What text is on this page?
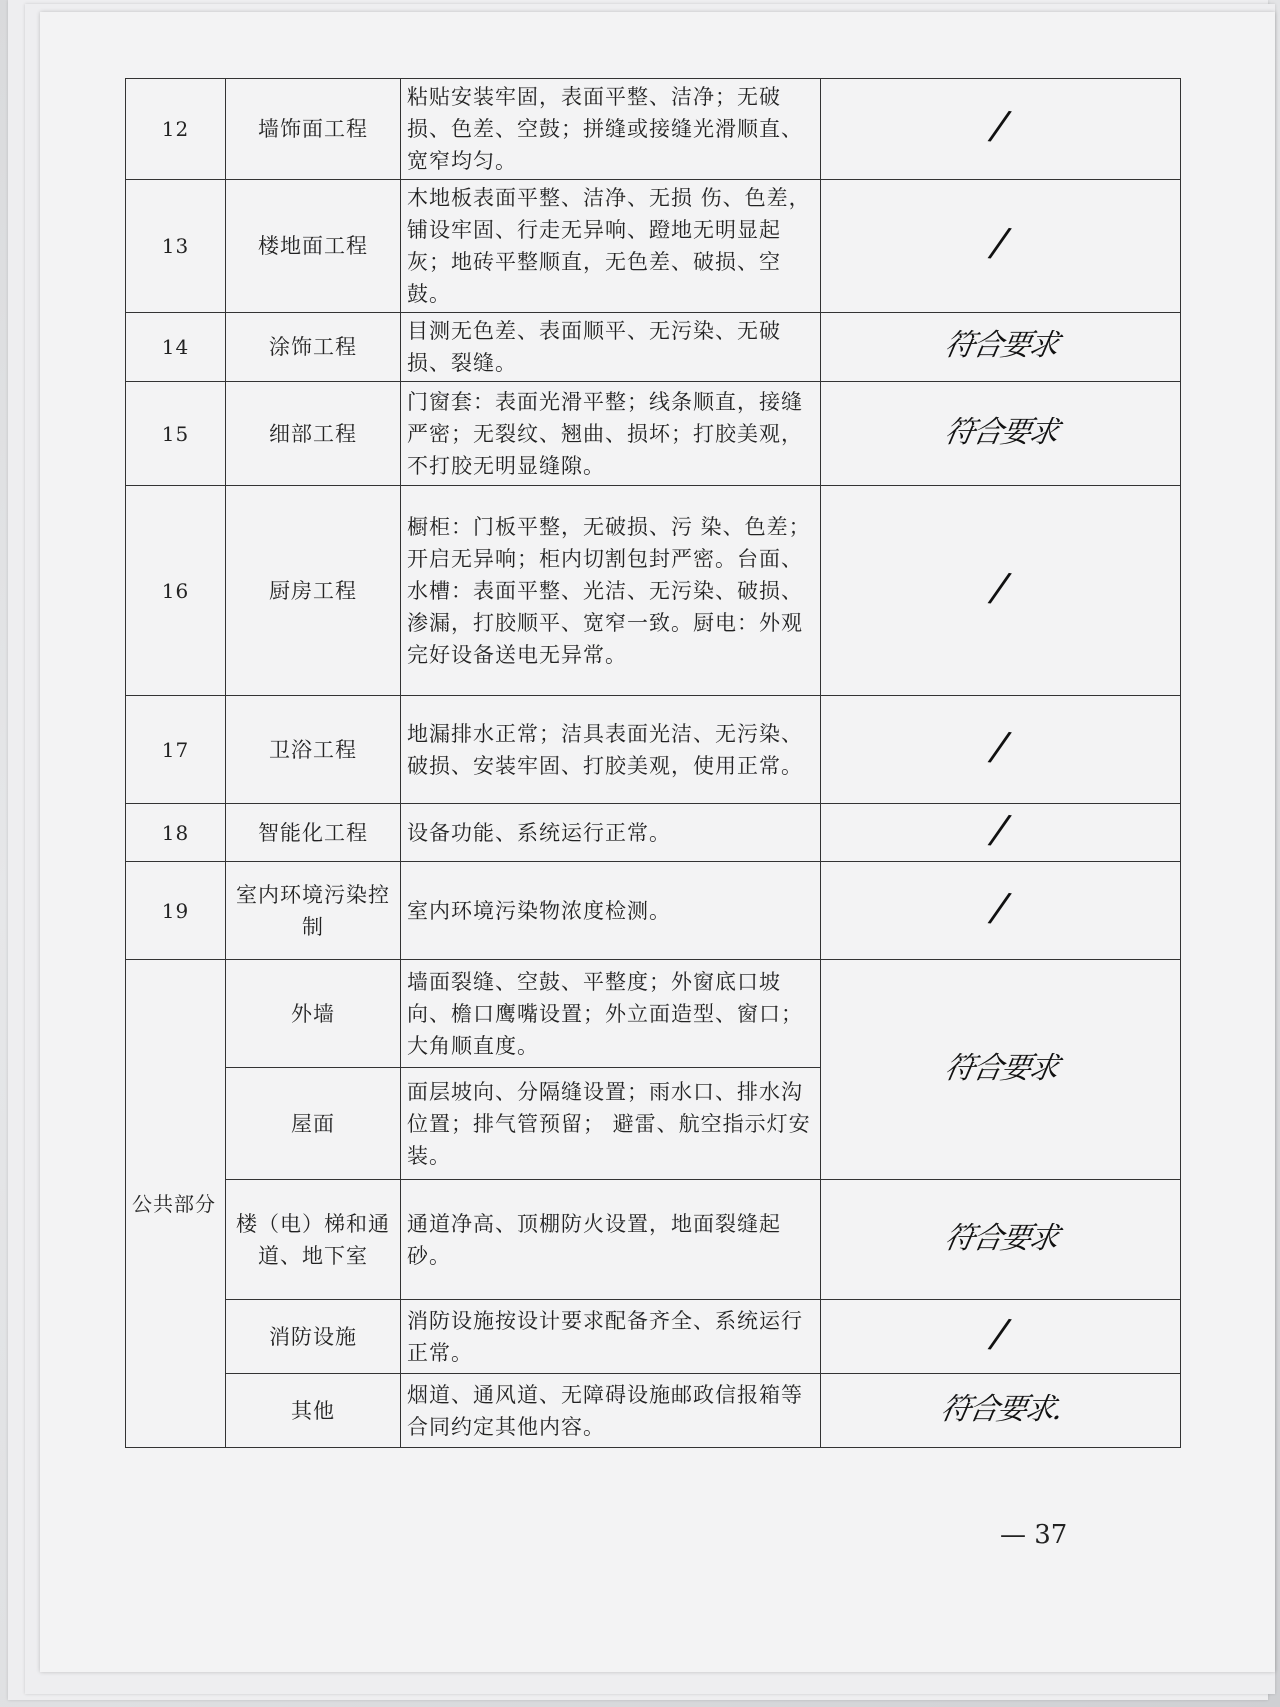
12	墙饰面工程	粘贴安装牢固，表面平整、洁净；无破损、色差、空鼓；拼缝或接缝光滑顺直、宽窄均匀。	/
13	楼地面工程	木地板表面平整、洁净、无损 伤、色差，铺设牢固、行走无异响、蹬地无明显起灰；地砖平整顺直，无色差、破损、空鼓。	/
14	涂饰工程	目测无色差、表面顺平、无污染、无破损、裂缝。	符合要求
15	细部工程	门窗套：表面光滑平整；线条顺直，接缝严密；无裂纹、翘曲、损坏；打胶美观，不打胶无明显缝隙。	符合要求
16	厨房工程	橱柜：门板平整，无破损、污 染、色差；开启无异响；柜内切割包封严密。台面、水槽：表面平整、光洁、无污染、破损、渗漏，打胶顺平、宽窄一致。厨电：外观完好设备送电无异常。	/
17	卫浴工程	地漏排水正常；洁具表面光洁、无污染、破损、安装牢固、打胶美观，使用正常。	/
18	智能化工程	设备功能、系统运行正常。	/
19	室内环境污染控制	室内环境污染物浓度检测。	/
公共部分	外墙	墙面裂缝、空鼓、平整度；外窗底口坡向、檐口鹰嘴设置；外立面造型、窗口；大角顺直度。	符合要求
	屋面	面层坡向、分隔缝设置；雨水口、排水沟位置；排气管预留； 避雷、航空指示灯安装。	
	楼（电）梯和通道、地下室	通道净高、顶棚防火设置，地面裂缝起砂。	符合要求
	消防设施	消防设施按设计要求配备齐全、系统运行正常。	/
	其他	烟道、通风道、无障碍设施邮政信报箱等合同约定其他内容。	符合要求.
— 37
